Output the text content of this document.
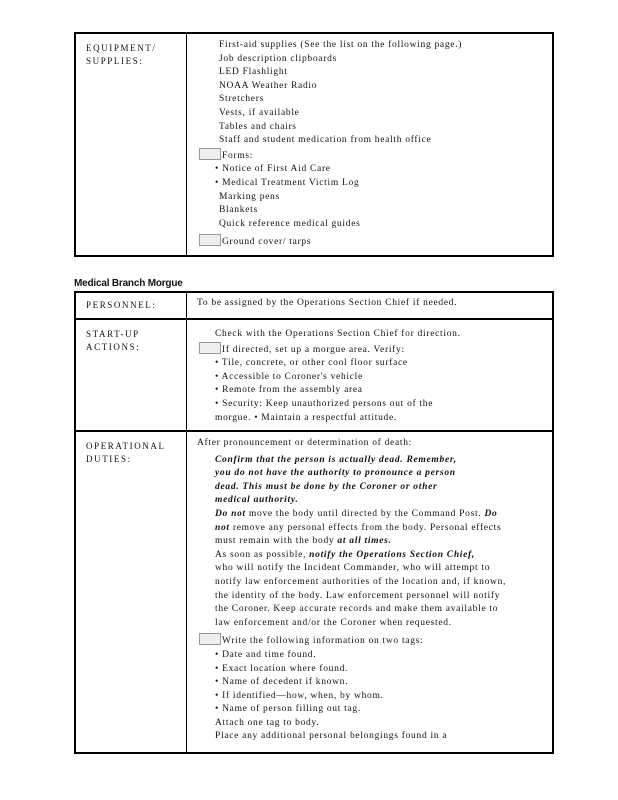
EQUIPMENT/
SUPPLIES:
First-aid supplies (See the list on the following page.)
Job description clipboards
LED Flashlight
NOAA Weather Radio
Stretchers
Vests, if available
Tables and chairs
Staff and student medication from health office
Forms:
• Notice of First Aid Care
• Medical Treatment Victim Log
Marking pens
Blankets
Quick reference medical guides
Ground cover/ tarps
Medical Branch Morgue
PERSONNEL:	To be assigned by the Operations Section Chief if needed.
START-UP
ACTIONS:
Check with the Operations Section Chief for direction.
If directed, set up a morgue area. Verify:
• Tile, concrete, or other cool floor surface
• Accessible to Coroner's vehicle
• Remote from the assembly area
• Security: Keep unauthorized persons out of the
morgue. • Maintain a respectful attitude.
OPERATIONAL
DUTIES:
After pronouncement or determination of death:
Confirm that the person is actually dead. Remember,
you do not have the authority to pronounce a person
dead. This must be done by the Coroner or other
medical authority.
Do not move the body until directed by the Command Post. Do
not remove any personal effects from the body. Personal effects
must remain with the body at all times.
As soon as possible, notify the Operations Section Chief,
who will notify the Incident Commander, who will attempt to
notify law enforcement authorities of the location and, if known,
the identity of the body. Law enforcement personnel will notify
the Coroner. Keep accurate records and make them available to
law enforcement and/or the Coroner when requested.
Write the following information on two tags:
• Date and time found.
• Exact location where found.
• Name of decedent if known.
• If identified—how, when, by whom.
• Name of person filling out tag.
Attach one tag to body.
Place any additional personal belongings found in a
